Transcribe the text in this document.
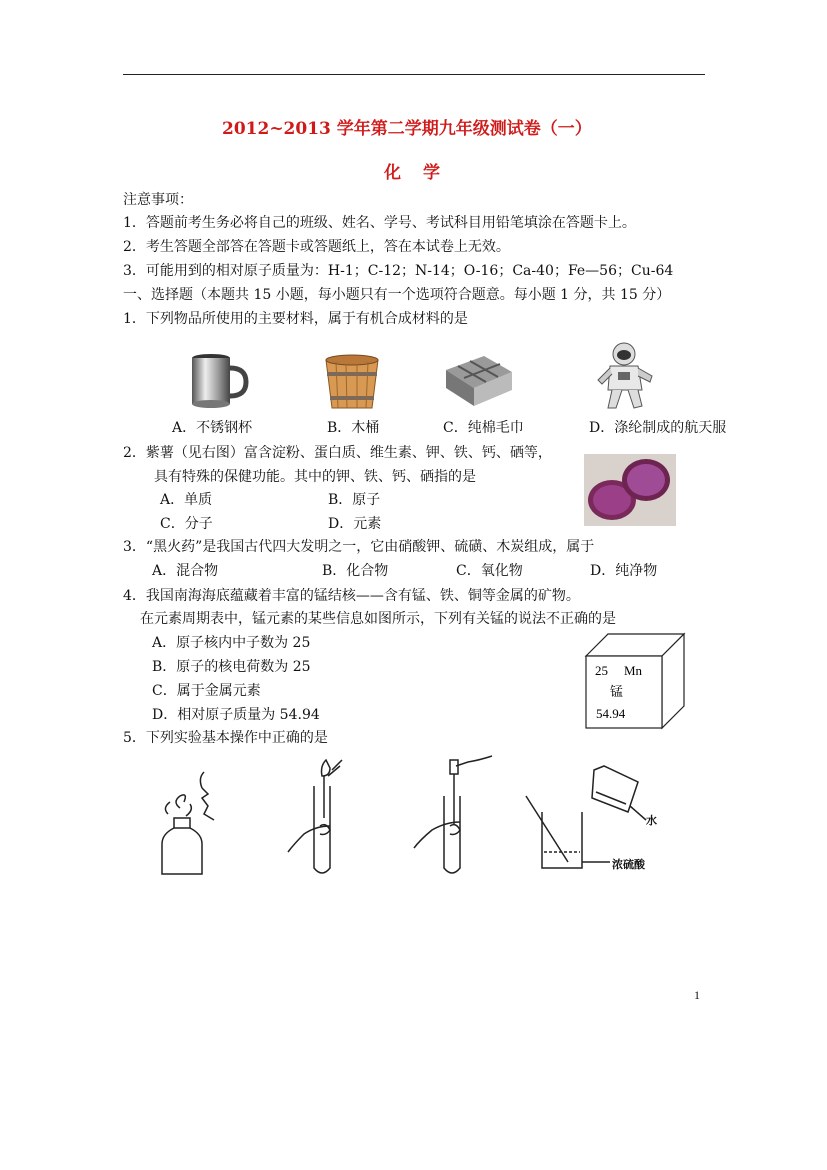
2012~2013 学年第二学期九年级测试卷（一）
化学
注意事项：
1．答题前考生务必将自己的班级、姓名、学号、考试科目用铅笔填涂在答题卡上。
2．考生答题全部答在答题卡或答题纸上，答在本试卷上无效。
3．可能用到的相对原子质量为：H-1；C-12；N-14；O-16；Ca-40；Fe—56；Cu-64
一、选择题（本题共 15 小题，每小题只有一个选项符合题意。每小题 1 分，共 15 分）
1．下列物品所使用的主要材料，属于有机合成材料的是
A．不锈钢杯	B．木桶	C．纯棉毛巾	D．涤纶制成的航天服
2．紫薯（见右图）富含淀粉、蛋白质、维生素、钾、铁、钙、硒等，
具有特殊的保健功能。其中的钾、铁、钙、硒指的是
A．单质	B．原子
C．分子	D．元素
3．“黑火药”是我国古代四大发明之一，它由硝酸钾、硫磺、木炭组成，属于
A．混合物	B．化合物	C．氧化物	D．纯净物
4．我国南海海底蕴藏着丰富的锰结核——含有锰、铁、铜等金属的矿物。
在元素周期表中，锰元素的某些信息如图所示，下列有关锰的说法不正确的是
A．原子核内中子数为 25
B．原子的核电荷数为 25
C．属于金属元素
D．相对原子质量为 54.94
25 Mn
锰
54.94
5．下列实验基本操作中正确的是
水
浓硫酸
1
